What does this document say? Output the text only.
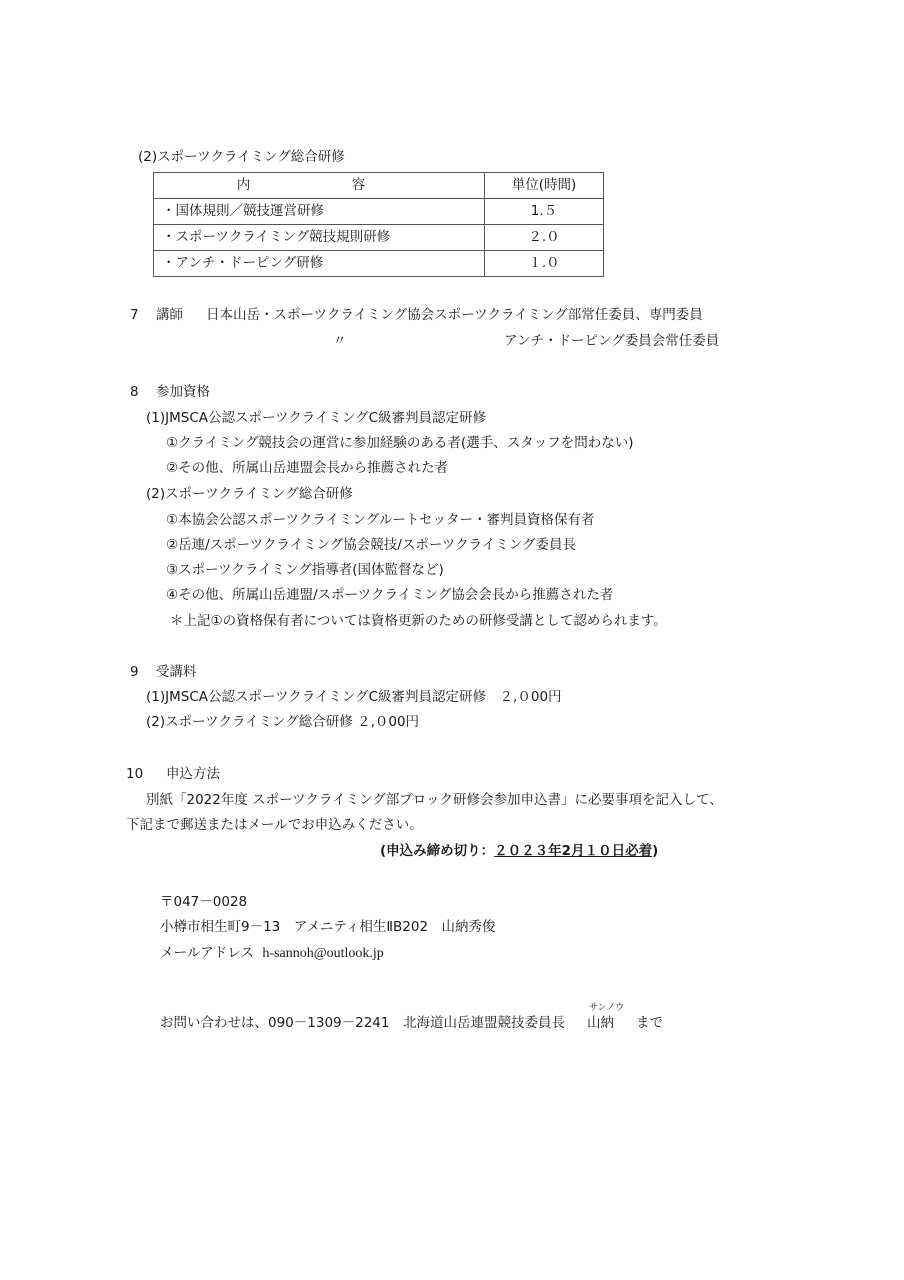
(2)スポーツクライミング総合研修
内　容	単位(時間)
・国体規則／競技運営研修	1.５
・スポーツクライミング競技規則研修	２.０
・アンチ・ドーピング研修	１.０
7 講師 日本山岳・スポーツクライミング協会スポーツクライミング部常任委員、専門委員
〃	アンチ・ドーピング委員会常任委員
8 参加資格
(1)JMSCA公認スポーツクライミングC級審判員認定研修
①クライミング競技会の運営に参加経験のある者(選手、スタッフを問わない)
②その他、所属山岳連盟会長から推薦された者
(2)スポーツクライミング総合研修
①本協会公認スポーツクライミングルートセッター・審判員資格保有者
②岳連/スポーツクライミング協会競技/スポーツクライミング委員長
③スポーツクライミング指導者(国体監督など)
④その他、所属山岳連盟/スポーツクライミング協会会長から推薦された者
＊上記①の資格保有者については資格更新のための研修受講として認められます。
9 受講料
(1)JMSCA公認スポーツクライミングC級審判員認定研修　２,０00円
(2)スポーツクライミング総合研修 ２,０00円
10 申込方法
別紙「2022年度 スポーツクライミング部ブロック研修会参加申込書」に必要事項を記入して、
下記まで郵送またはメールでお申込みください。
(申込み締め切り：２０２３年2月１０日必着)
〒047－0028
小樽市相生町9－13　アメニティ相生ⅡB202　山納秀俊
メールアドレス h-sannoh@outlook.jp
お問い合わせは、090－1309－2241　北海道山岳連盟競技委員長
サンノウ
山納 まで
